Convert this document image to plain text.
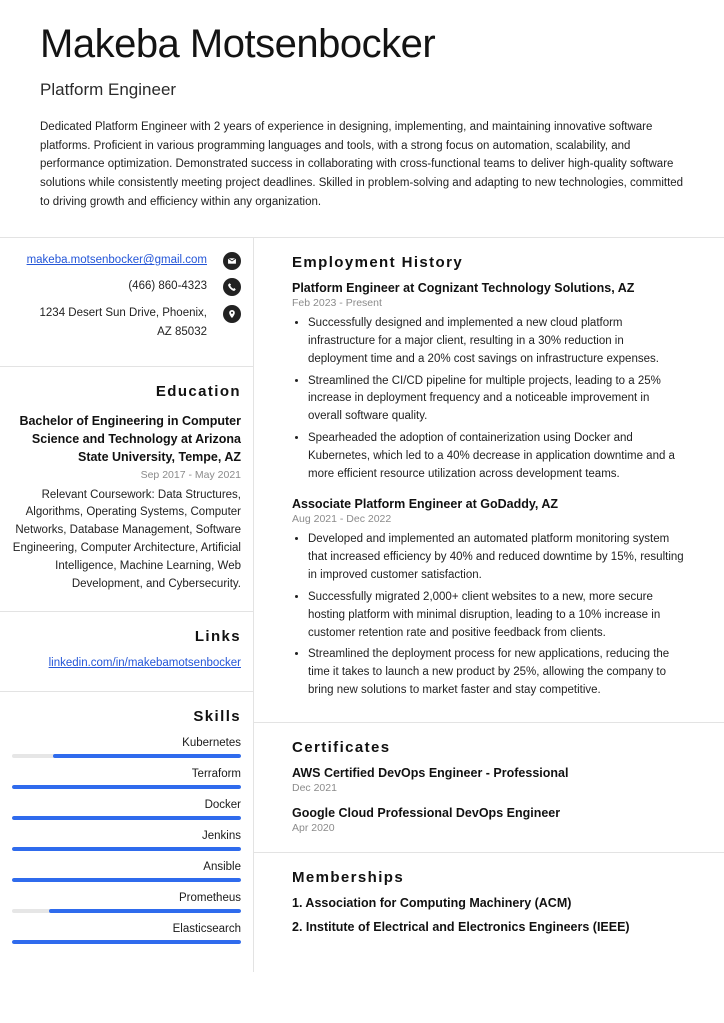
Makeba Motsenbocker
Platform Engineer

Dedicated Platform Engineer with 2 years of experience in designing, implementing, and maintaining innovative software platforms. Proficient in various programming languages and tools, with a strong focus on automation, scalability, and performance optimization. Demonstrated success in collaborating with cross-functional teams to deliver high-quality software solutions while consistently meeting project deadlines. Skilled in problem-solving and adapting to new technologies, committed to driving growth and efficiency within any organization.

makeba.motsenbocker@gmail.com
(466) 860-4323
1234 Desert Sun Drive, Phoenix,
AZ 85032
Education
Bachelor of Engineering in Computer Science and Technology at Arizona State University, Tempe, AZ
Sep 2017 - May 2021
Relevant Coursework: Data Structures, Algorithms, Operating Systems, Computer Networks, Database Management, Software Engineering, Computer Architecture, Artificial Intelligence, Machine Learning, Web Development, and Cybersecurity.
Links
linkedin.com/in/makebamotsenbocker
Skills
Kubernetes
Terraform
Docker
Jenkins
Ansible
Prometheus
Elasticsearch
Employment History
Platform Engineer at Cognizant Technology Solutions, AZ
Feb 2023 - Present
• Successfully designed and implemented a new cloud platform infrastructure for a major client, resulting in a 30% reduction in deployment time and a 20% cost savings on infrastructure expenses.
• Streamlined the CI/CD pipeline for multiple projects, leading to a 25% increase in deployment frequency and a noticeable improvement in overall software quality.
• Spearheaded the adoption of containerization using Docker and Kubernetes, which led to a 40% decrease in application downtime and a more efficient resource utilization across development teams.
Associate Platform Engineer at GoDaddy, AZ
Aug 2021 - Dec 2022
• Developed and implemented an automated platform monitoring system that increased efficiency by 40% and reduced downtime by 15%, resulting in improved customer satisfaction.
• Successfully migrated 2,000+ client websites to a new, more secure hosting platform with minimal disruption, leading to a 10% increase in customer retention rate and positive feedback from clients.
• Streamlined the deployment process for new applications, reducing the time it takes to launch a new product by 25%, allowing the company to bring new solutions to market faster and stay competitive.
Certificates
AWS Certified DevOps Engineer - Professional
Dec 2021
Google Cloud Professional DevOps Engineer
Apr 2020
Memberships
1. Association for Computing Machinery (ACM)
2. Institute of Electrical and Electronics Engineers (IEEE)
